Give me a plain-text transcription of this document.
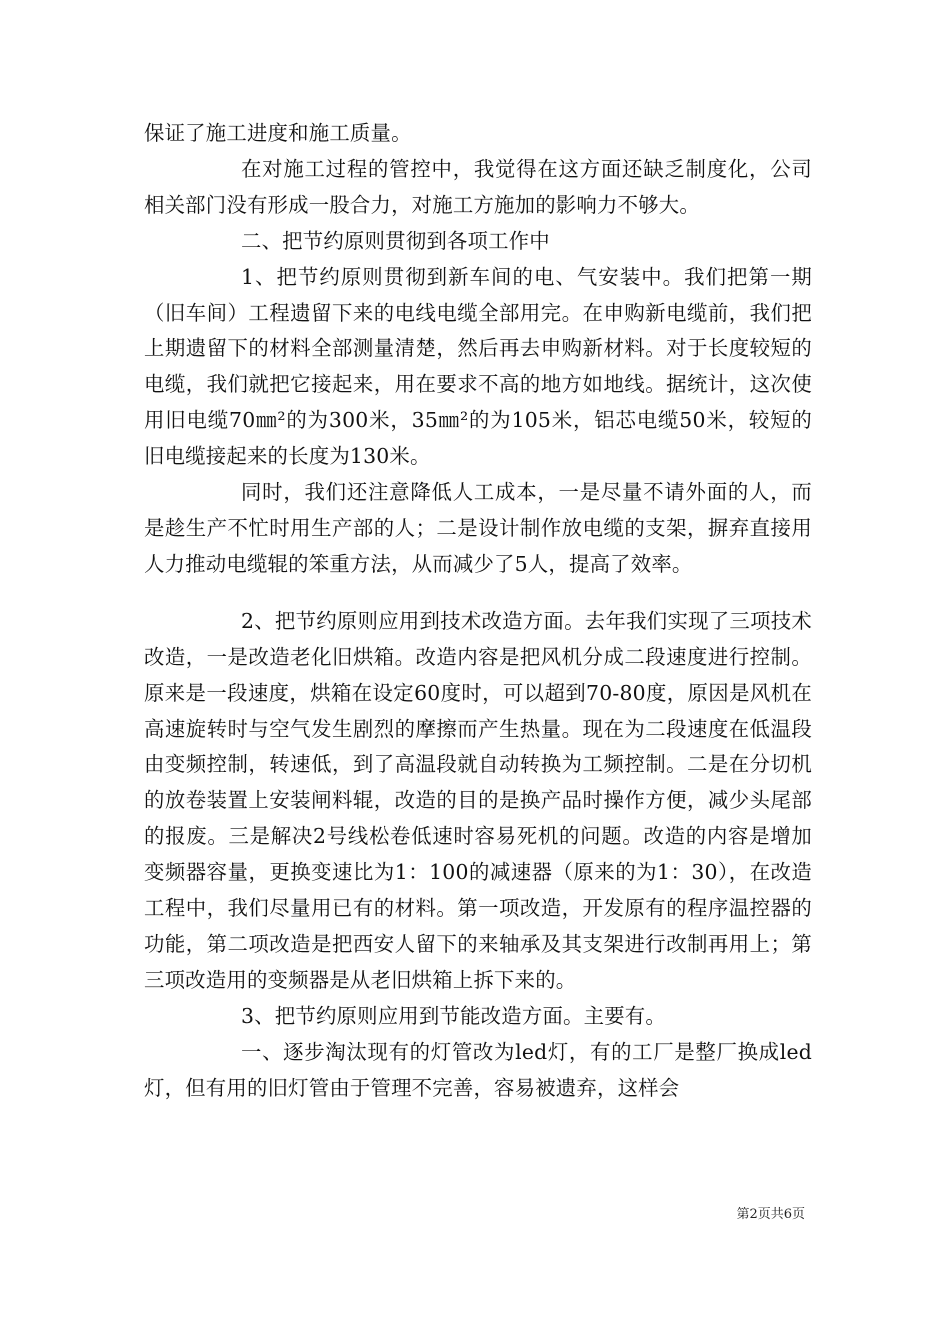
保证了施工进度和施工质量。

在对施工过程的管控中，我觉得在这方面还缺乏制度化，公司相关部门没有形成一股合力，对施工方施加的影响力不够大。

二、把节约原则贯彻到各项工作中

1、把节约原则贯彻到新车间的电、气安装中。我们把第一期（旧车间）工程遗留下来的电线电缆全部用完。在申购新电缆前，我们把上期遗留下的材料全部测量清楚，然后再去申购新材料。对于长度较短的电缆，我们就把它接起来，用在要求不高的地方如地线。据统计，这次使用旧电缆70㎜²的为300米，35㎜²的为105米，铝芯电缆50米，较短的旧电缆接起来的长度为130米。

同时，我们还注意降低人工成本，一是尽量不请外面的人，而是趁生产不忙时用生产部的人；二是设计制作放电缆的支架，摒弃直接用人力推动电缆辊的笨重方法，从而减少了5人，提高了效率。

2、把节约原则应用到技术改造方面。去年我们实现了三项技术改造，一是改造老化旧烘箱。改造内容是把风机分成二段速度进行控制。原来是一段速度，烘箱在设定60度时，可以超到70-80度，原因是风机在高速旋转时与空气发生剧烈的摩擦而产生热量。现在为二段速度在低温段由变频控制，转速低，到了高温段就自动转换为工频控制。二是在分切机的放卷装置上安装闸料辊，改造的目的是换产品时操作方便，减少头尾部的报废。三是解决2号线松卷低速时容易死机的问题。改造的内容是增加变频器容量，更换变速比为1：100的减速器（原来的为1：30），在改造工程中，我们尽量用已有的材料。第一项改造，开发原有的程序温控器的功能，第二项改造是把西安人留下的来轴承及其支架进行改制再用上；第三项改造用的变频器是从老旧烘箱上拆下来的。

3、把节约原则应用到节能改造方面。主要有。

一、逐步淘汰现有的灯管改为led灯，有的工厂是整厂换成led灯，但有用的旧灯管由于管理不完善，容易被遗弃，这样会

第2页共6页
